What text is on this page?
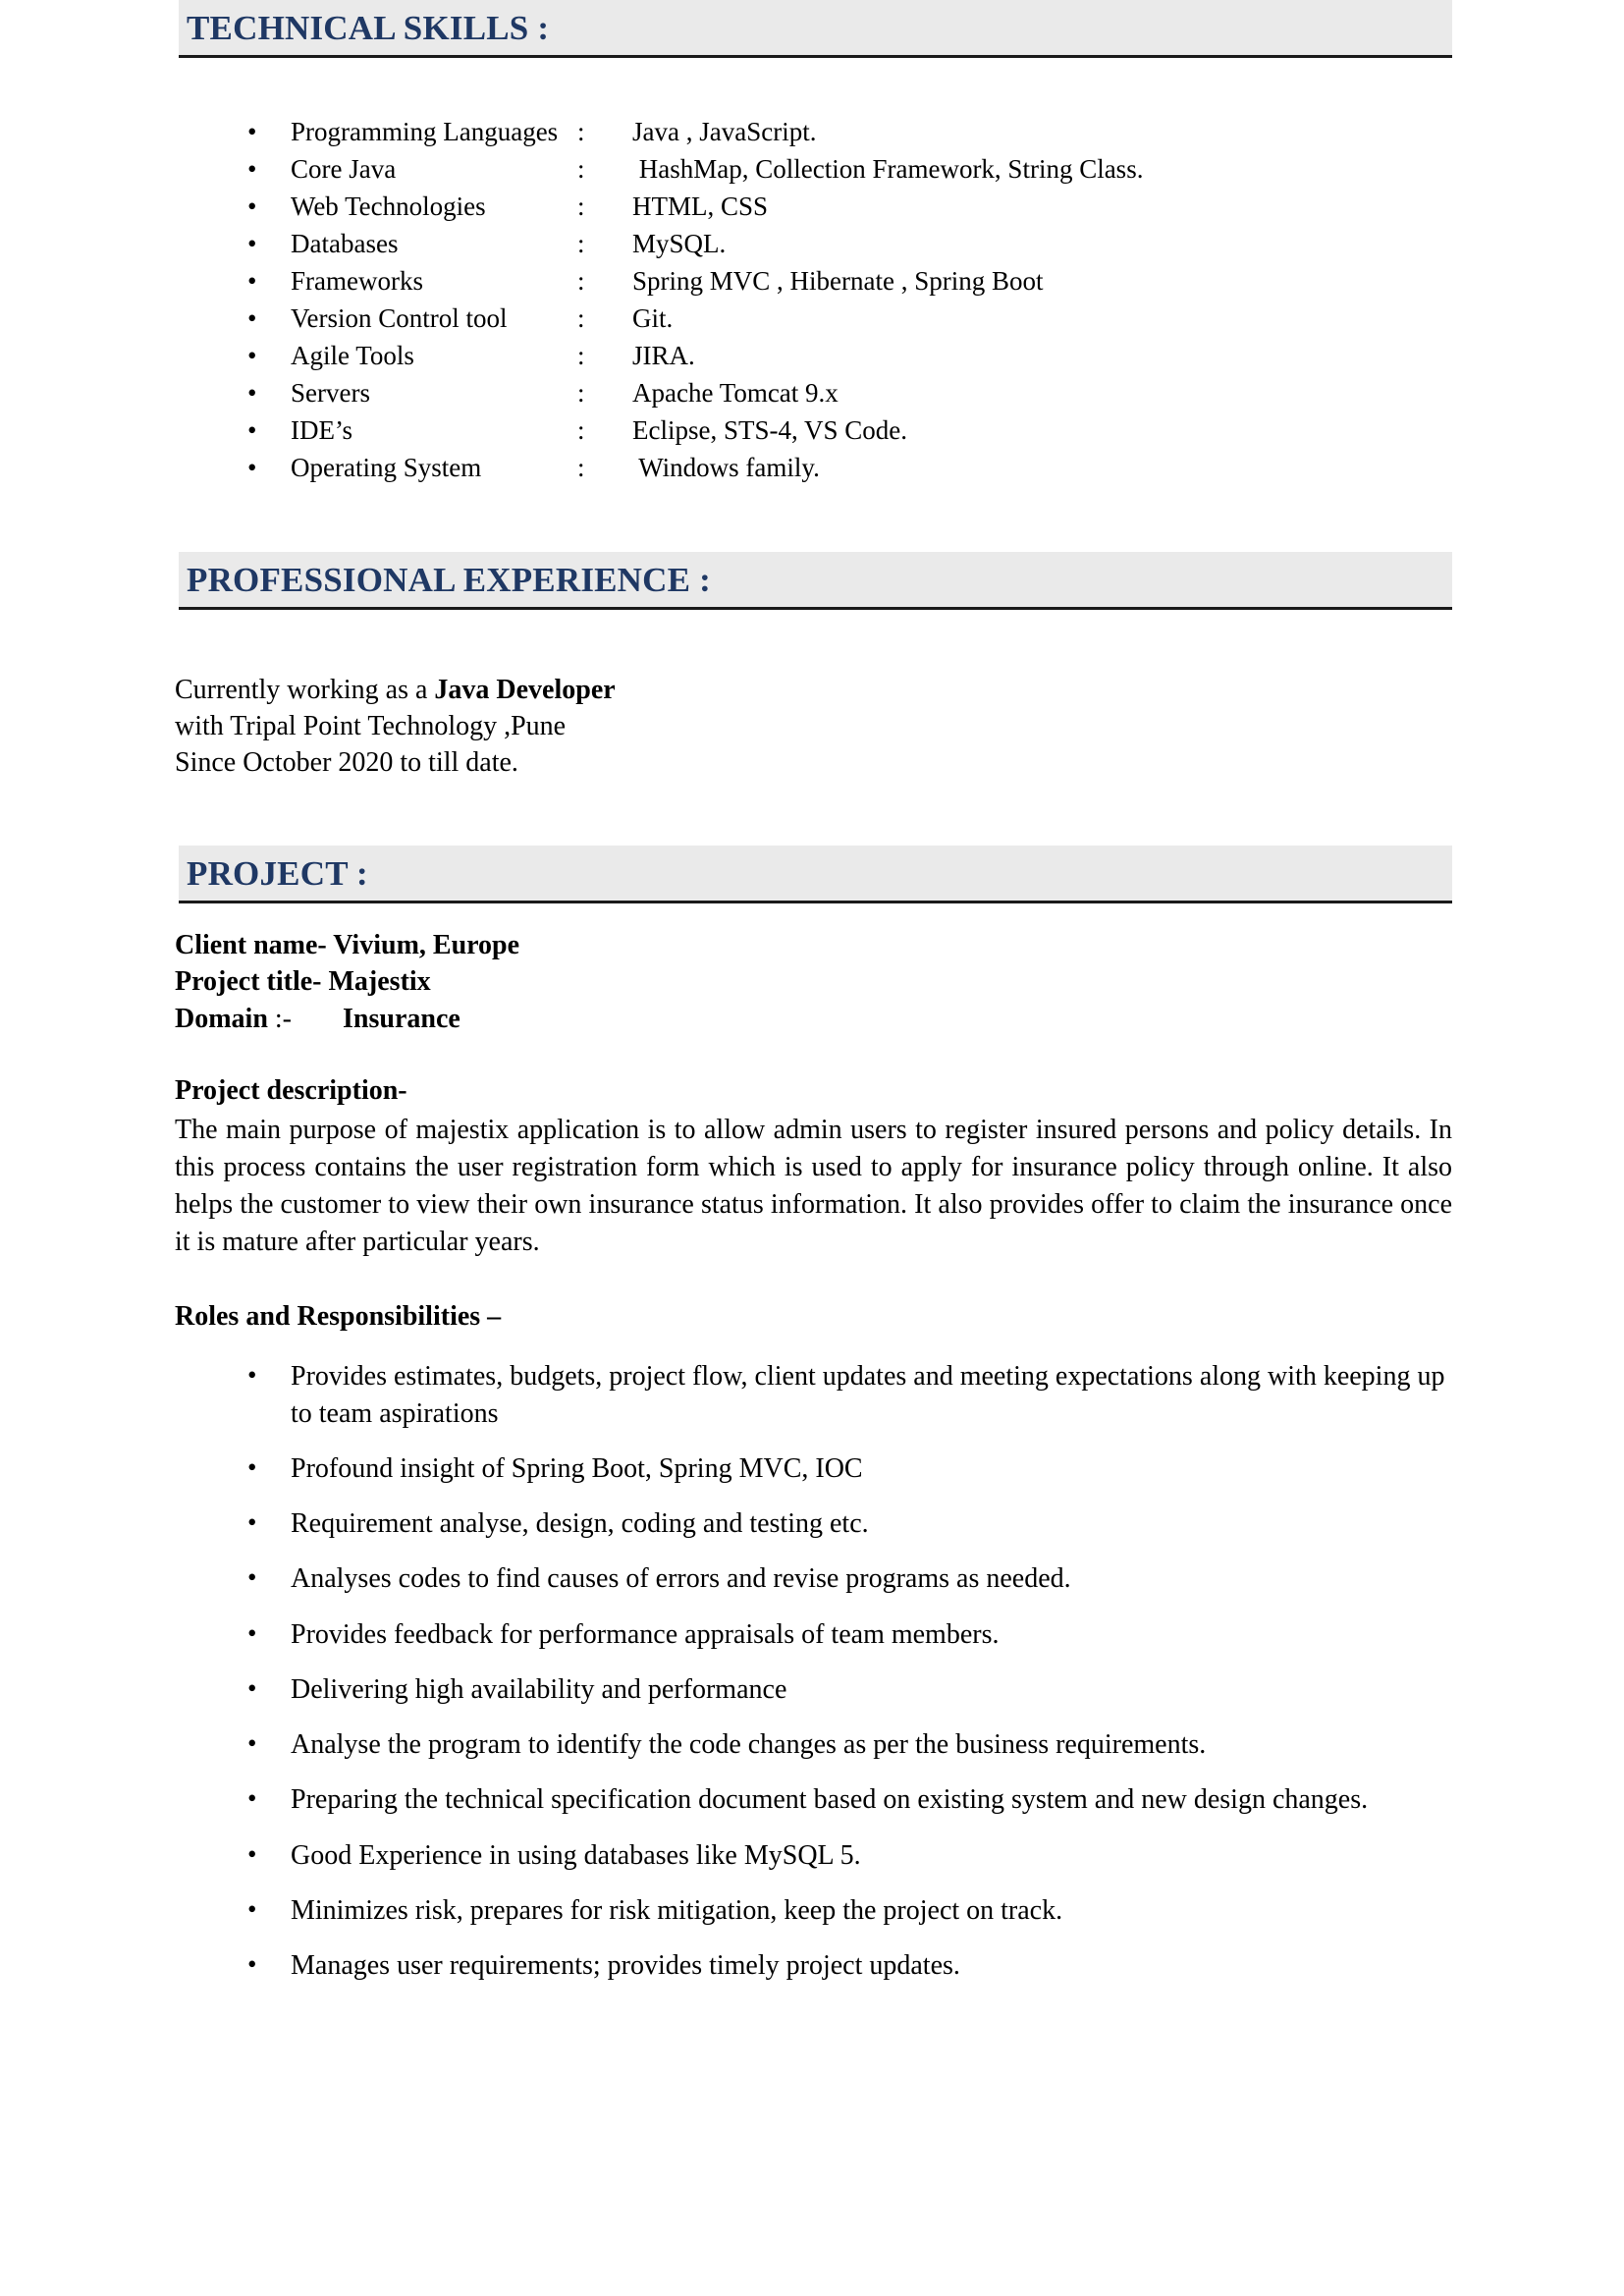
TECHNICAL SKILLS :
•	Programming Languages :	Java , JavaScript.
•	Core Java	:	HashMap, Collection Framework, String Class.
•	Web Technologies	:	HTML, CSS
•	Databases	:	MySQL.
•	Frameworks	:	Spring MVC , Hibernate , Spring Boot
•	Version Control tool	:	Git.
•	Agile Tools	:	JIRA.
•	Servers	:	Apache Tomcat 9.x
•	IDE’s	:	Eclipse, STS-4, VS Code.
•	Operating System	:	Windows family.
PROFESSIONAL EXPERIENCE :
Currently working as a Java Developer
with Tripal Point Technology ,Pune
Since October 2020 to till date.
PROJECT :
Client name- Vivium, Europe
Project title- Majestix
Domain :- Insurance
Project description-
The main purpose of majestix application is to allow admin users to register insured persons and policy details. In this process contains the user registration form which is used to apply for insurance policy through online. It also helps the customer to view their own insurance status information. It also provides offer to claim the insurance once it is mature after particular years.
Roles and Responsibilities –
•	Provides estimates, budgets, project flow, client updates and meeting expectations along with keeping up to team aspirations
•	Profound insight of Spring Boot, Spring MVC, IOC
•	Requirement analyse, design, coding and testing etc.
•	Analyses codes to find causes of errors and revise programs as needed.
•	Provides feedback for performance appraisals of team members.
•	Delivering high availability and performance
•	Analyse the program to identify the code changes as per the business requirements.
•	Preparing the technical specification document based on existing system and new design changes.
•	Good Experience in using databases like MySQL 5.
•	Minimizes risk, prepares for risk mitigation, keep the project on track.
•	Manages user requirements; provides timely project updates.
